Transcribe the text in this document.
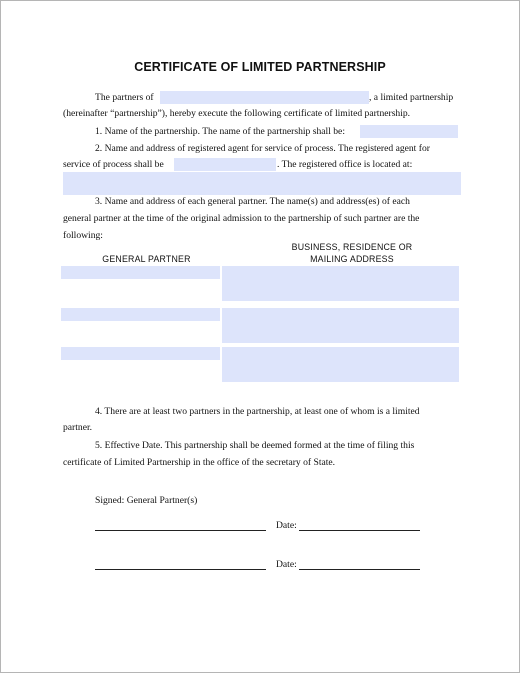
CERTIFICATE OF LIMITED PARTNERSHIP
The partners of	, a limited partnership
(hereinafter “partnership”), hereby execute the following certificate of limited partnership.
1. Name of the partnership. The name of the partnership shall be:
2. Name and address of registered agent for service of process. The registered agent for
service of process shall be	. The registered office is located at:
3. Name and address of each general partner. The name(s) and address(es) of each
general partner at the time of the original admission to the partnership of such partner are the
following:
GENERAL PARTNER
BUSINESS, RESIDENCE OR
MAILING ADDRESS
4. There are at least two partners in the partnership, at least one of whom is a limited
partner.
5. Effective Date. This partnership shall be deemed formed at the time of filing this
certificate of Limited Partnership in the office of the secretary of State.
Signed: General Partner(s)
Date:
Date:
